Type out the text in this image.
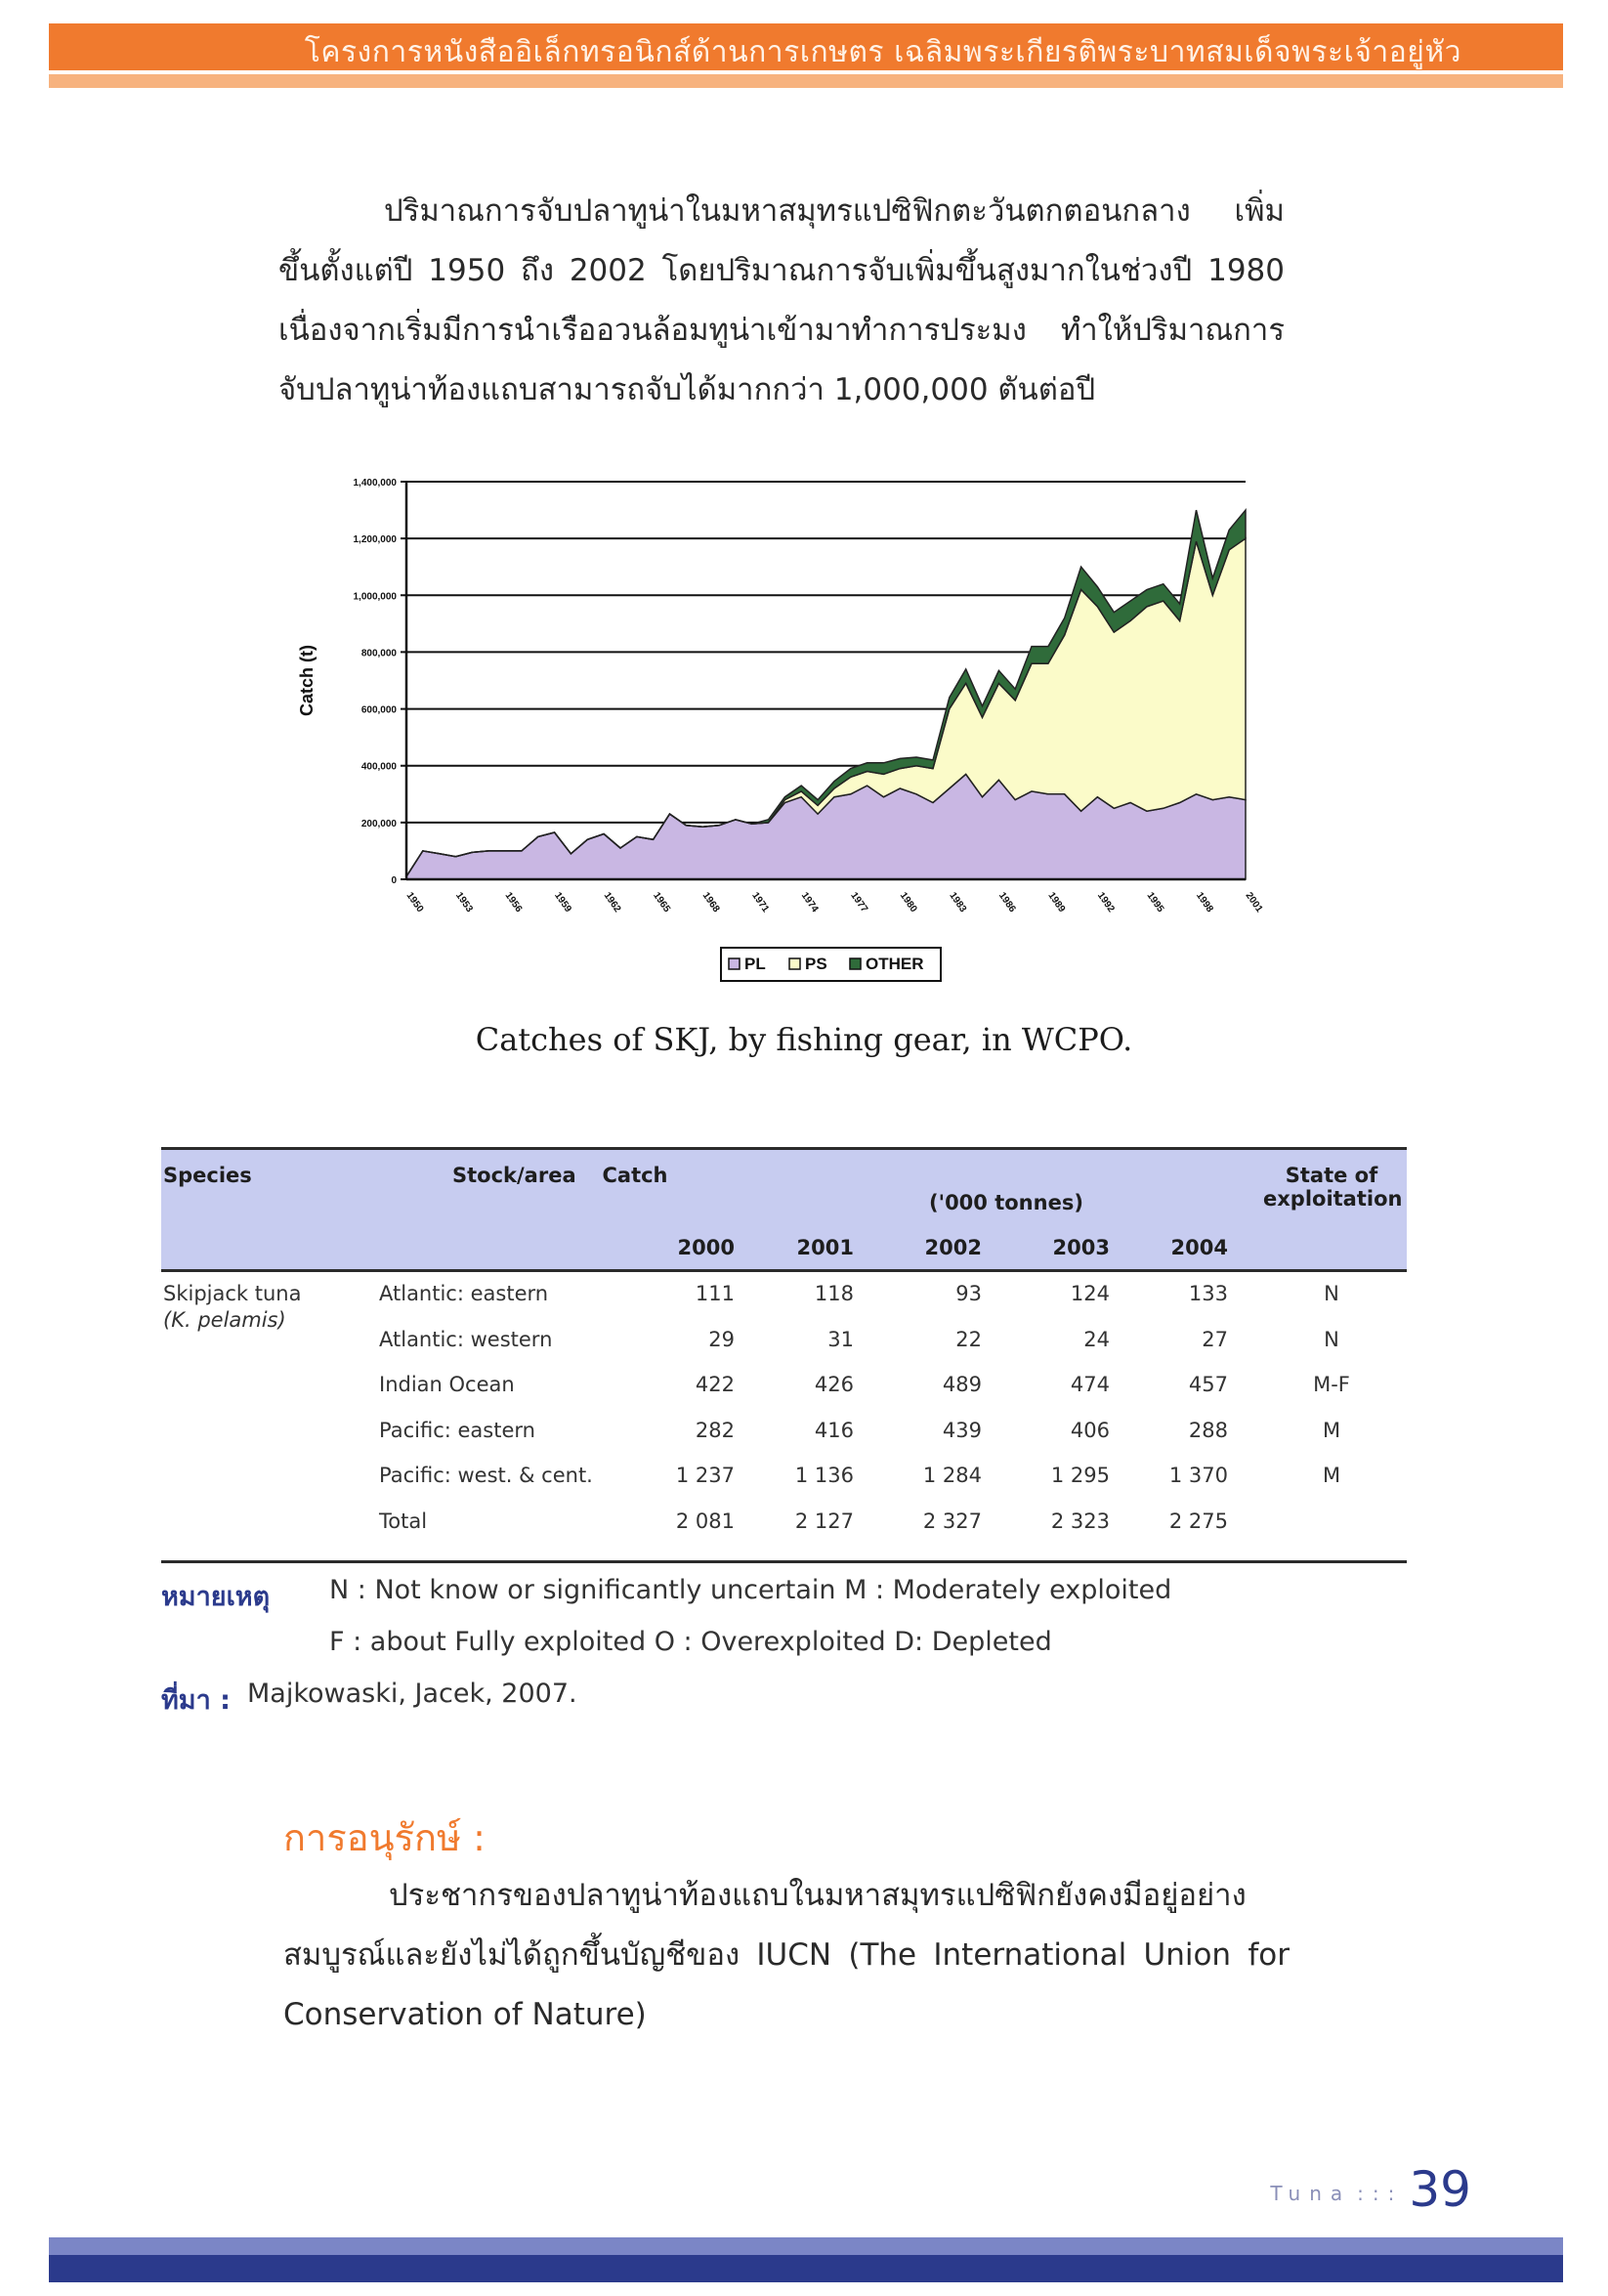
โครงการหนังสืออิเล็กทรอนิกส์ด้านการเกษตร เฉลิมพระเกียรติพระบาทสมเด็จพระเจ้าอยู่หัว

ปริมาณการจับปลาทูน่าในมหาสมุทรแปซิฟิกตะวันตกตอนกลาง เพิ่มขึ้นตั้งแต่ปี 1950 ถึง 2002 โดยปริมาณการจับเพิ่มขึ้นสูงมากในช่วงปี 1980 เนื่องจากเริ่มมีการนำเรืออวนล้อมทูน่าเข้ามาทำการประมง ทำให้ปริมาณการจับปลาทูน่าท้องแถบสามารถจับได้มากกว่า 1,000,000 ตันต่อปี

0
200,000
400,000
600,000
800,000
1,000,000
1,200,000
1,400,000
1950	1953	1956	1959	1962	1965	1968	1971	1974	1977	1980	1983	1986	1989	1992	1995	1998	2001
Catch (t)
PL PS OTHER
Catches of SKJ, by fishing gear, in WCPO.
Species	Stock/area	Catch
('000 tonnes)
State of exploitation
2000	2001	2002	2003	2004
Skipjack tuna
(K. pelamis)
Atlantic: eastern	111	118	93	124	133	N
Atlantic: western	29	31	22	24	27	N
Indian Ocean	422	426	489	474	457	M-F
Pacific: eastern	282	416	439	406	288	M
Pacific: west. & cent.	1 237	1 136	1 284	1 295	1 370	M
Total	2 081	2 127	2 327	2 323	2 275
หมายเหตุ N : Not know or significantly uncertain M : Moderately exploited
F : about Fully exploited O : Overexploited D: Depleted
ที่มา : Majkowaski, Jacek, 2007.
การอนุรักษ์ :

ประชากรของปลาทูน่าท้องแถบในมหาสมุทรแปซิฟิกยังคงมีอยู่อย่างสมบูรณ์และยังไม่ได้ถูกขึ้นบัญชีของ IUCN (The International Union for Conservation of Nature)

Tuna ::: 39
